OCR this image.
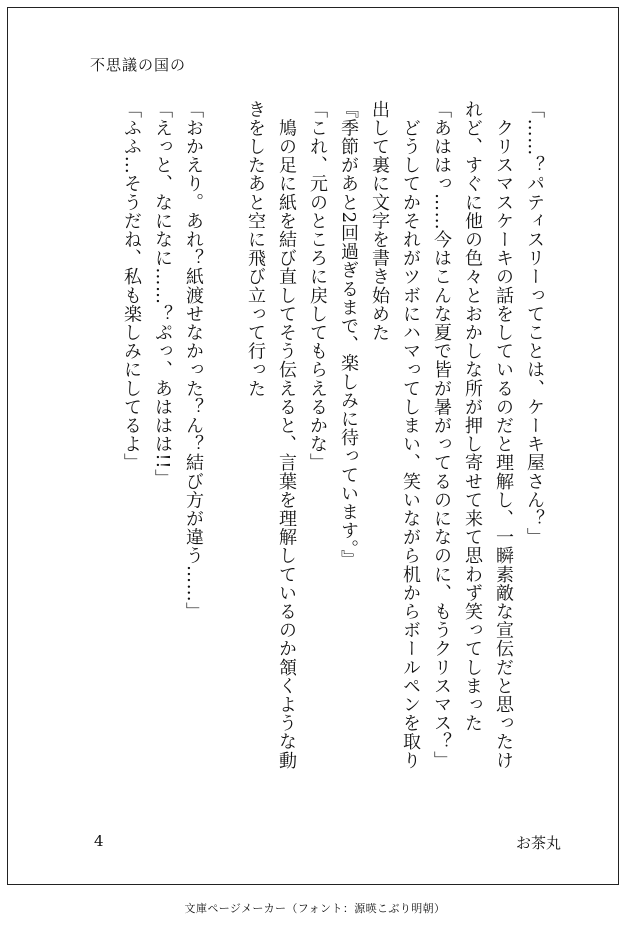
不思議の国の
「……？パティスリーってことは、ケーキ屋さん？」
　クリスマスケーキの話をしているのだと理解し、一瞬素敵な宣伝だと思ったけ
れど、すぐに他の色々とおかしな所が押し寄せて来て思わず笑ってしまった
「あははっ……今はこんな夏で皆が暑がってるのになのに、もうクリスマス？」
　どうしてかそれがツボにハマってしまい、笑いながら机からボールペンを取り
出して裏に文字を書き始めた
『季節があと2回過ぎるまで、楽しみに待っています。』
「これ、元のところに戻してもらえるかな」
　鳩の足に紙を結び直してそう伝えると、言葉を理解しているのか頷くような動
きをしたあと空に飛び立って行った
「おかえり。あれ？紙渡せなかった？ん？結び方が違う……」
「えっと、なになに……？ぷっ、あははは!!」
「ふふ…そうだね、私も楽しみにしてるよ」
4	お茶丸
文庫ページメーカー（フォント：源暎こぶり明朝）
